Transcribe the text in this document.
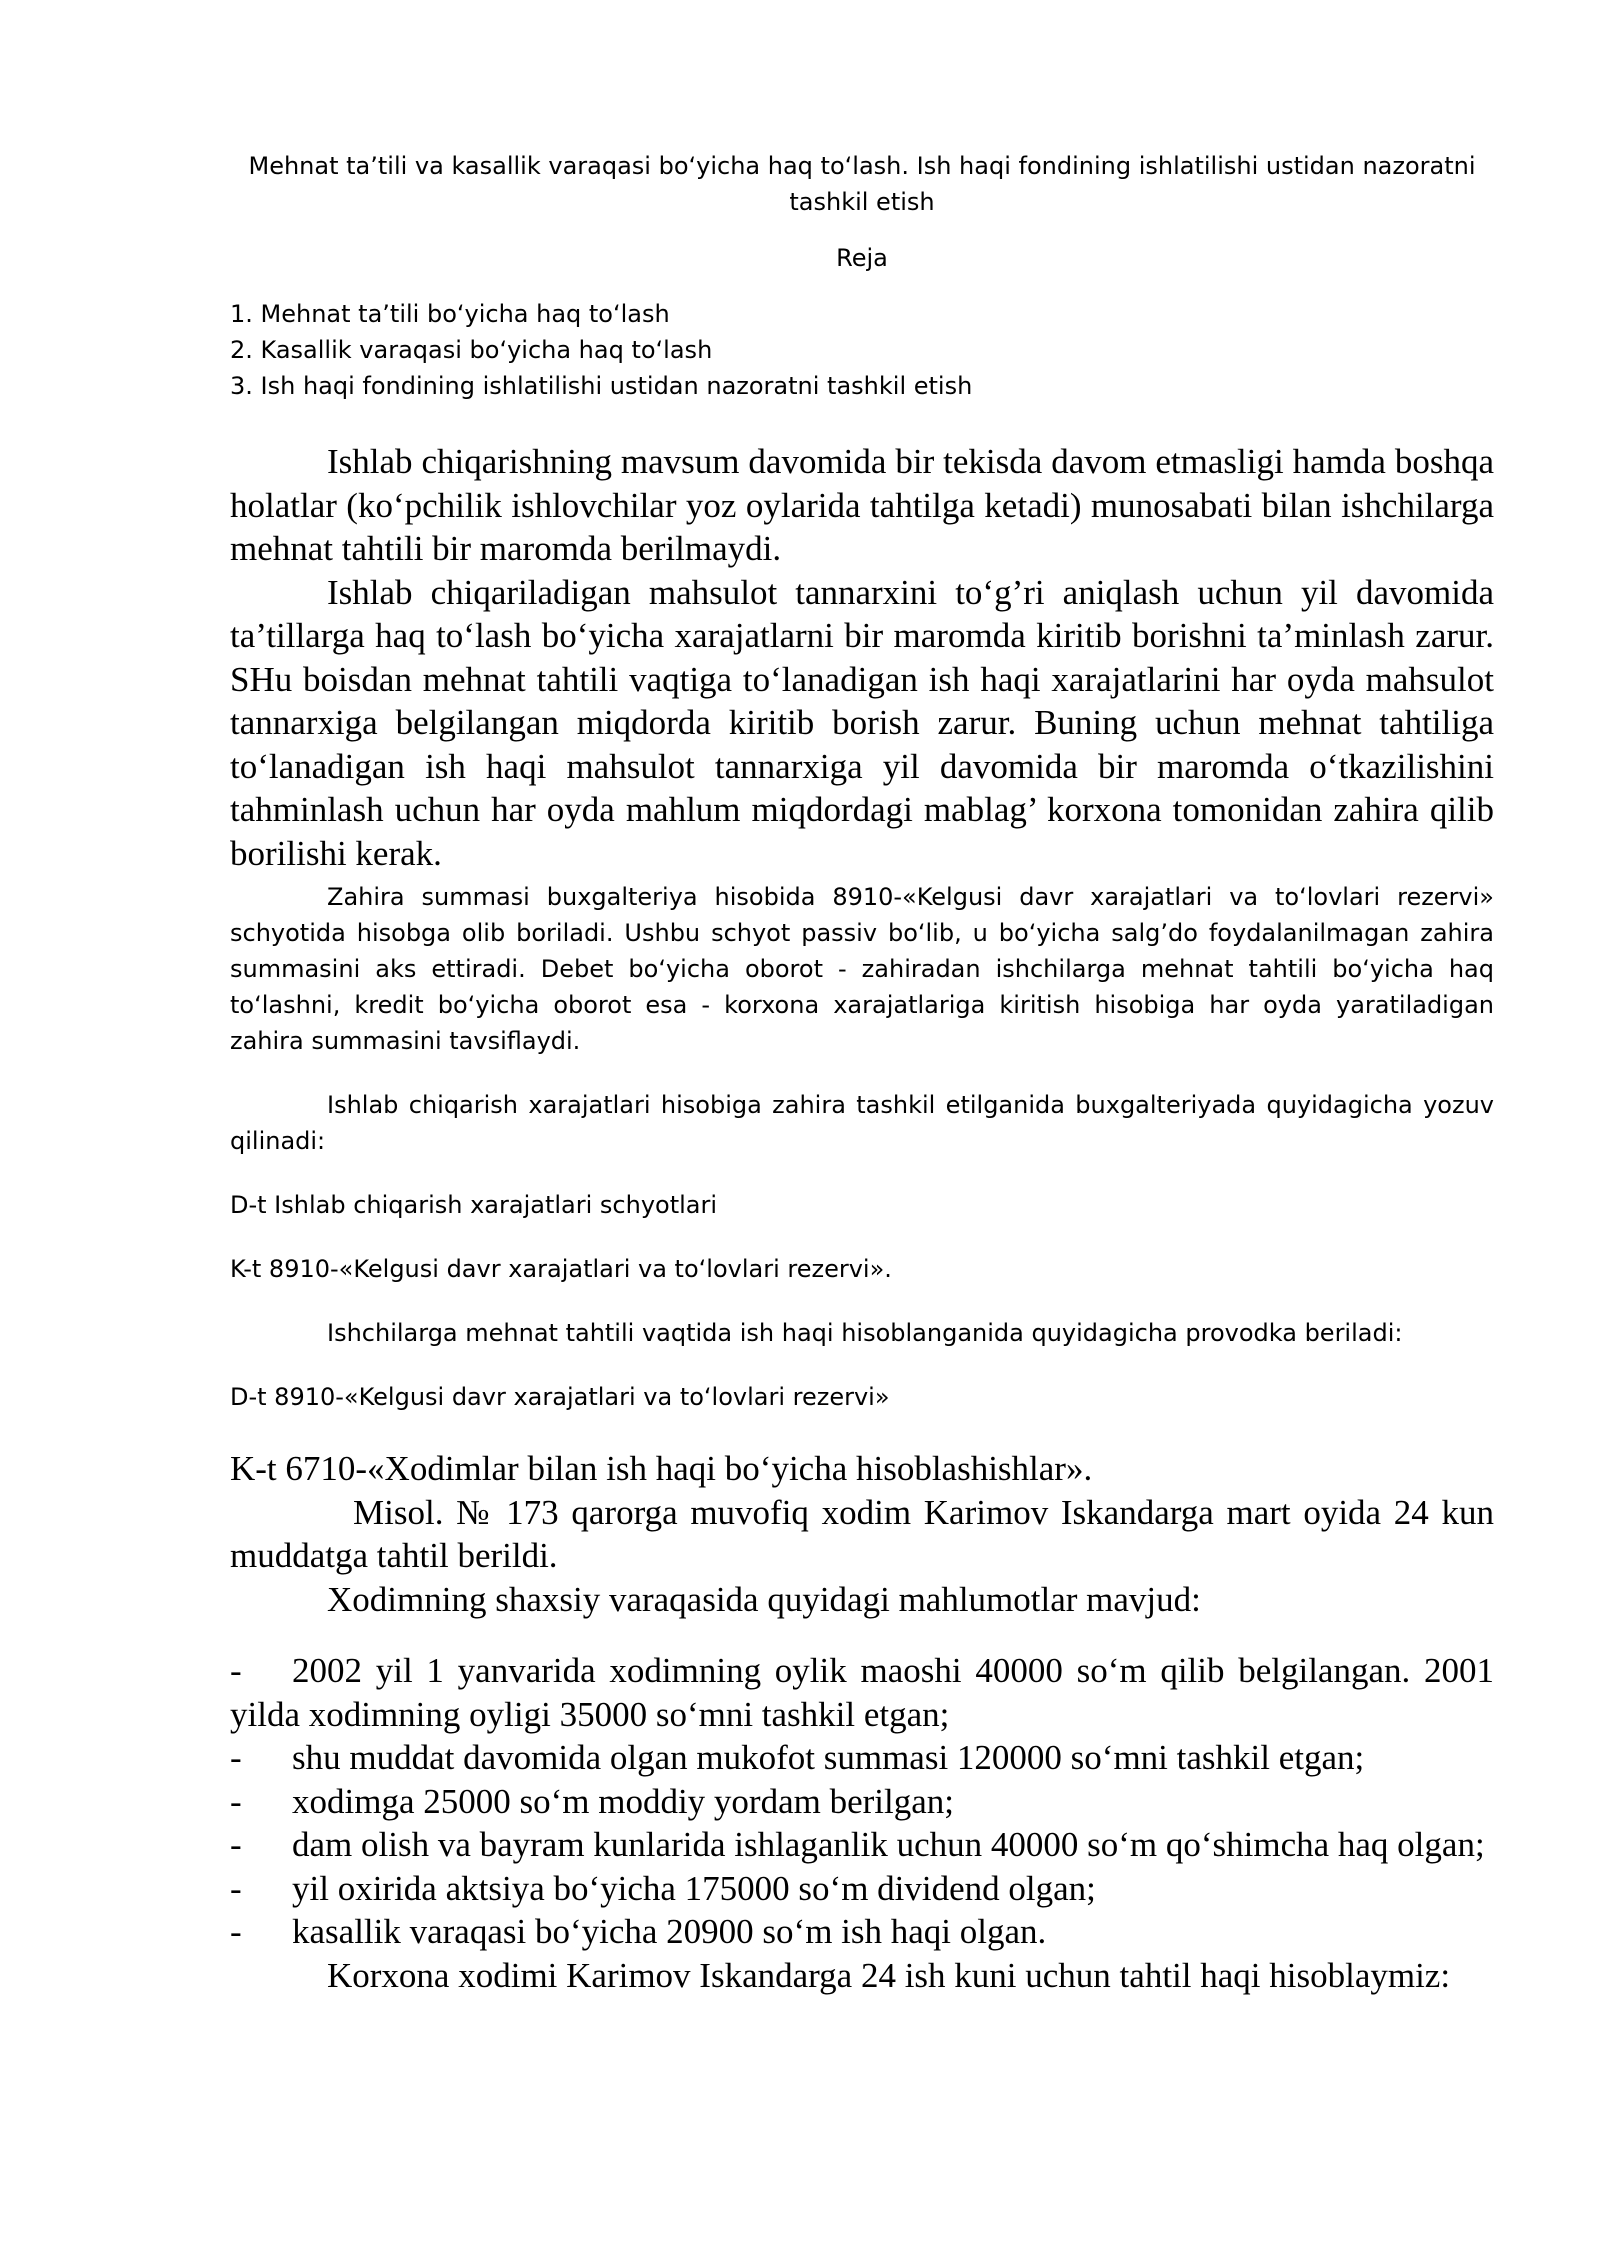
Mehnat ta’tili va kasallik varaqasi bo‘yicha haq to‘lash. Ish haqi fondining ishlatilishi ustidan nazoratni tashkil etish

Reja

1. Mehnat ta’tili bo‘yicha haq to‘lash
2. Kasallik varaqasi bo‘yicha haq to‘lash
3. Ish haqi fondining ishlatilishi ustidan nazoratni tashkil etish

Ishlab chiqarishning mavsum davomida bir tekisda davom etmasligi hamda boshqa holatlar (ko‘pchilik ishlovchilar yoz oylarida tahtilga ketadi) munosabati bilan ishchilarga mehnat tahtili bir maromda berilmaydi.

Ishlab chiqariladigan mahsulot tannarxini to‘g’ri aniqlash uchun yil davomida ta’tillarga haq to‘lash bo‘yicha xarajatlarni bir maromda kiritib borishni ta’minlash zarur. SHu boisdan mehnat tahtili vaqtiga to‘lanadigan ish haqi xarajatlarini har oyda mahsulot tannarxiga belgilangan miqdorda kiritib borish zarur. Buning uchun mehnat tahtiliga to‘lanadigan ish haqi mahsulot tannarxiga yil davomida bir maromda o‘tkazilishini tahminlash uchun har oyda mahlum miqdordagi mablag’ korxona tomonidan zahira qilib borilishi kerak.

Zahira summasi buxgalteriya hisobida 8910-«Kelgusi davr xarajatlari va to‘lovlari rezervi» schyotida hisobga olib boriladi. Ushbu schyot passiv bo‘lib, u bo‘yicha salg’do foydalanilmagan zahira summasini aks ettiradi. Debet bo‘yicha oborot - zahiradan ishchilarga mehnat tahtili bo‘yicha haq to‘lashni, kredit bo‘yicha oborot esa - korxona xarajatlariga kiritish hisobiga har oyda yaratiladigan zahira summasini tavsiflaydi.

Ishlab chiqarish xarajatlari hisobiga zahira tashkil etilganida buxgalteriyada quyidagicha yozuv qilinadi:

D-t Ishlab chiqarish xarajatlari schyotlari

K-t 8910-«Kelgusi davr xarajatlari va to‘lovlari rezervi».

Ishchilarga mehnat tahtili vaqtida ish haqi hisoblanganida quyidagicha provodka beriladi:

D-t 8910-«Kelgusi davr xarajatlari va to‘lovlari rezervi»

K-t 6710-«Xodimlar bilan ish haqi bo‘yicha hisoblashishlar».

Misol. № 173 qarorga muvofiq xodim Karimov Iskandarga mart oyida 24 kun muddatga tahtil berildi.

Xodimning shaxsiy varaqasida quyidagi mahlumotlar mavjud:

- 2002 yil 1 yanvarida xodimning oylik maoshi 40000 so‘m qilib belgilangan. 2001 yilda xodimning oyligi 35000 so‘mni tashkil etgan;

- shu muddat davomida olgan mukofot summasi 120000 so‘mni tashkil etgan;

- xodimga 25000 so‘m moddiy yordam berilgan;

- dam olish va bayram kunlarida ishlaganlik uchun 40000 so‘m qo‘shimcha haq olgan;

- yil oxirida aktsiya bo‘yicha 175000 so‘m dividend olgan;

- kasallik varaqasi bo‘yicha 20900 so‘m ish haqi olgan.

Korxona xodimi Karimov Iskandarga 24 ish kuni uchun tahtil haqi hisoblaymiz:
